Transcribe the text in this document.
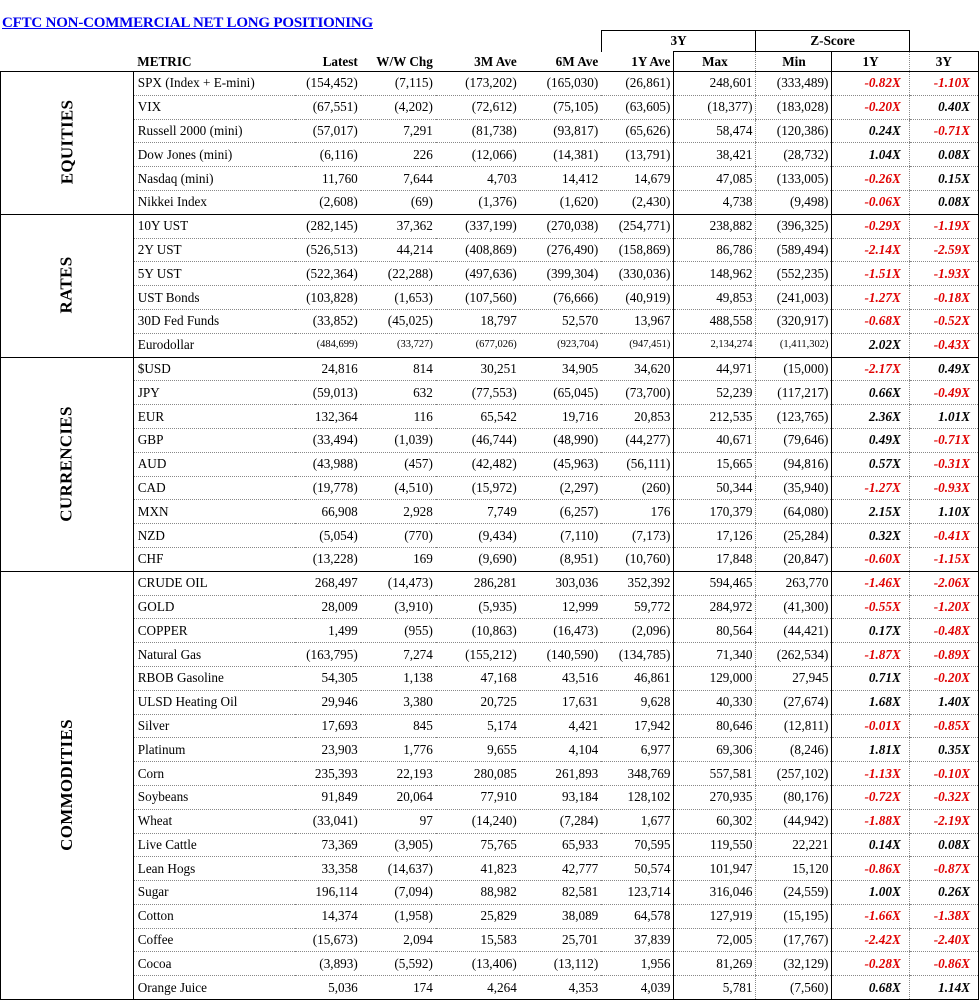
CFTC NON-COMMERCIAL NET LONG POSITIONING
						3Y		Z-Score		
	METRIC	Latest	W/W Chg	3M Ave	6M Ave	1Y Ave	Max	Min	1Y	3Y
EQUITIES	SPX (Index + E-mini)	(154,452)	(7,115)	(173,202)	(165,030)	(26,861)	248,601	(333,489)	-0.82X	-1.10X
	VIX	(67,551)	(4,202)	(72,612)	(75,105)	(63,605)	(18,377)	(183,028)	-0.20X	0.40X
	Russell 2000 (mini)	(57,017)	7,291	(81,738)	(93,817)	(65,626)	58,474	(120,386)	0.24X	-0.71X
	Dow Jones (mini)	(6,116)	226	(12,066)	(14,381)	(13,791)	38,421	(28,732)	1.04X	0.08X
	Nasdaq (mini)	11,760	7,644	4,703	14,412	14,679	47,085	(133,005)	-0.26X	0.15X
	Nikkei Index	(2,608)	(69)	(1,376)	(1,620)	(2,430)	4,738	(9,498)	-0.06X	0.08X
RATES	10Y UST	(282,145)	37,362	(337,199)	(270,038)	(254,771)	238,882	(396,325)	-0.29X	-1.19X
	2Y UST	(526,513)	44,214	(408,869)	(276,490)	(158,869)	86,786	(589,494)	-2.14X	-2.59X
	5Y UST	(522,364)	(22,288)	(497,636)	(399,304)	(330,036)	148,962	(552,235)	-1.51X	-1.93X
	UST Bonds	(103,828)	(1,653)	(107,560)	(76,666)	(40,919)	49,853	(241,003)	-1.27X	-0.18X
	30D Fed Funds	(33,852)	(45,025)	18,797	52,570	13,967	488,558	(320,917)	-0.68X	-0.52X
	Eurodollar	(484,699)	(33,727)	(677,026)	(923,704)	(947,451)	2,134,274	(1,411,302)	2.02X	-0.43X
CURRENCIES	$USD	24,816	814	30,251	34,905	34,620	44,971	(15,000)	-2.17X	0.49X
	JPY	(59,013)	632	(77,553)	(65,045)	(73,700)	52,239	(117,217)	0.66X	-0.49X
	EUR	132,364	116	65,542	19,716	20,853	212,535	(123,765)	2.36X	1.01X
	GBP	(33,494)	(1,039)	(46,744)	(48,990)	(44,277)	40,671	(79,646)	0.49X	-0.71X
	AUD	(43,988)	(457)	(42,482)	(45,963)	(56,111)	15,665	(94,816)	0.57X	-0.31X
	CAD	(19,778)	(4,510)	(15,972)	(2,297)	(260)	50,344	(35,940)	-1.27X	-0.93X
	MXN	66,908	2,928	7,749	(6,257)	176	170,379	(64,080)	2.15X	1.10X
	NZD	(5,054)	(770)	(9,434)	(7,110)	(7,173)	17,126	(25,284)	0.32X	-0.41X
	CHF	(13,228)	169	(9,690)	(8,951)	(10,760)	17,848	(20,847)	-0.60X	-1.15X
COMMODITIES	CRUDE OIL	268,497	(14,473)	286,281	303,036	352,392	594,465	263,770	-1.46X	-2.06X
	GOLD	28,009	(3,910)	(5,935)	12,999	59,772	284,972	(41,300)	-0.55X	-1.20X
	COPPER	1,499	(955)	(10,863)	(16,473)	(2,096)	80,564	(44,421)	0.17X	-0.48X
	Natural Gas	(163,795)	7,274	(155,212)	(140,590)	(134,785)	71,340	(262,534)	-1.87X	-0.89X
	RBOB Gasoline	54,305	1,138	47,168	43,516	46,861	129,000	27,945	0.71X	-0.20X
	ULSD Heating Oil	29,946	3,380	20,725	17,631	9,628	40,330	(27,674)	1.68X	1.40X
	Silver	17,693	845	5,174	4,421	17,942	80,646	(12,811)	-0.01X	-0.85X
	Platinum	23,903	1,776	9,655	4,104	6,977	69,306	(8,246)	1.81X	0.35X
	Corn	235,393	22,193	280,085	261,893	348,769	557,581	(257,102)	-1.13X	-0.10X
	Soybeans	91,849	20,064	77,910	93,184	128,102	270,935	(80,176)	-0.72X	-0.32X
	Wheat	(33,041)	97	(14,240)	(7,284)	1,677	60,302	(44,942)	-1.88X	-2.19X
	Live Cattle	73,369	(3,905)	75,765	65,933	70,595	119,550	22,221	0.14X	0.08X
	Lean Hogs	33,358	(14,637)	41,823	42,777	50,574	101,947	15,120	-0.86X	-0.87X
	Sugar	196,114	(7,094)	88,982	82,581	123,714	316,046	(24,559)	1.00X	0.26X
	Cotton	14,374	(1,958)	25,829	38,089	64,578	127,919	(15,195)	-1.66X	-1.38X
	Coffee	(15,673)	2,094	15,583	25,701	37,839	72,005	(17,767)	-2.42X	-2.40X
	Cocoa	(3,893)	(5,592)	(13,406)	(13,112)	1,956	81,269	(32,129)	-0.28X	-0.86X
	Orange Juice	5,036	174	4,264	4,353	4,039	5,781	(7,560)	0.68X	1.14X
